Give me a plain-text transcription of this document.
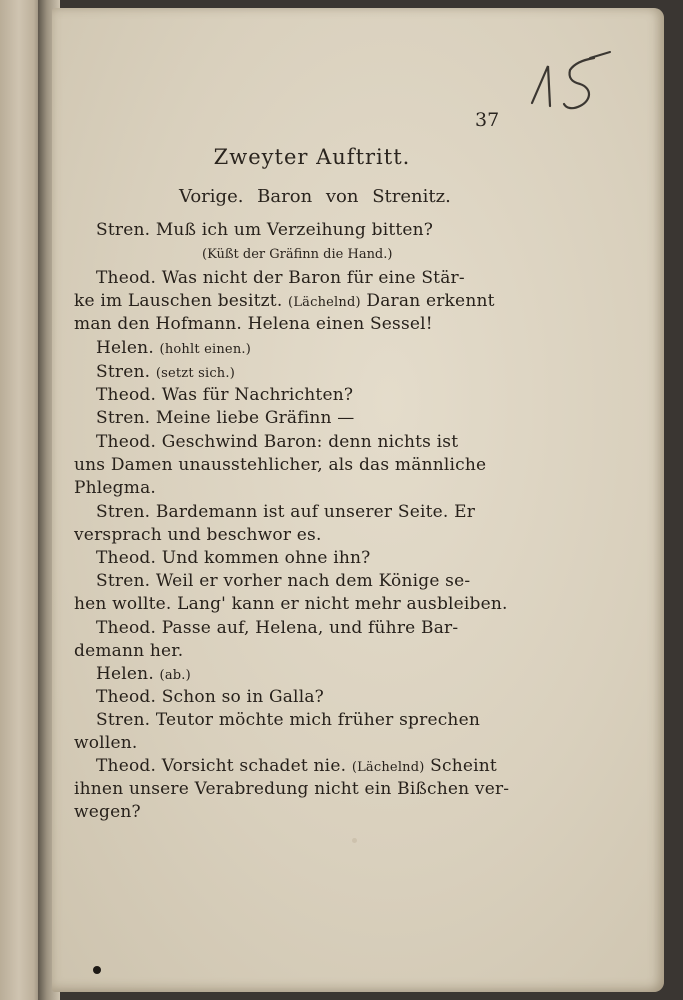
15
37
Zweyter Auftritt.
Vorige. Baron von Strenitz.
Stren. Muß ich um Verzeihung bitten?
(Küßt der Gräfinn die Hand.)
Theod. Was nicht der Baron für eine Stär-
ke im Lauschen besitzt. (Lächelnd) Daran erkennt
man den Hofmann. Helena einen Sessel!
Helen. (hohlt einen.)
Stren. (setzt sich.)
Theod. Was für Nachrichten?
Stren. Meine liebe Gräfinn —
Theod. Geschwind Baron: denn nichts ist
uns Damen unausstehlicher, als das männliche
Phlegma.
Stren. Bardemann ist auf unserer Seite. Er
versprach und beschwor es.
Theod. Und kommen ohne ihn?
Stren. Weil er vorher nach dem Könige se-
hen wollte. Lang' kann er nicht mehr ausbleiben.
Theod. Passe auf, Helena, und führe Bar-
demann her.
Helen. (ab.)
Theod. Schon so in Galla?
Stren. Teutor möchte mich früher sprechen
wollen.
Theod. Vorsicht schadet nie. (Lächelnd) Scheint
ihnen unsere Verabredung nicht ein Bißchen ver-
wegen?
